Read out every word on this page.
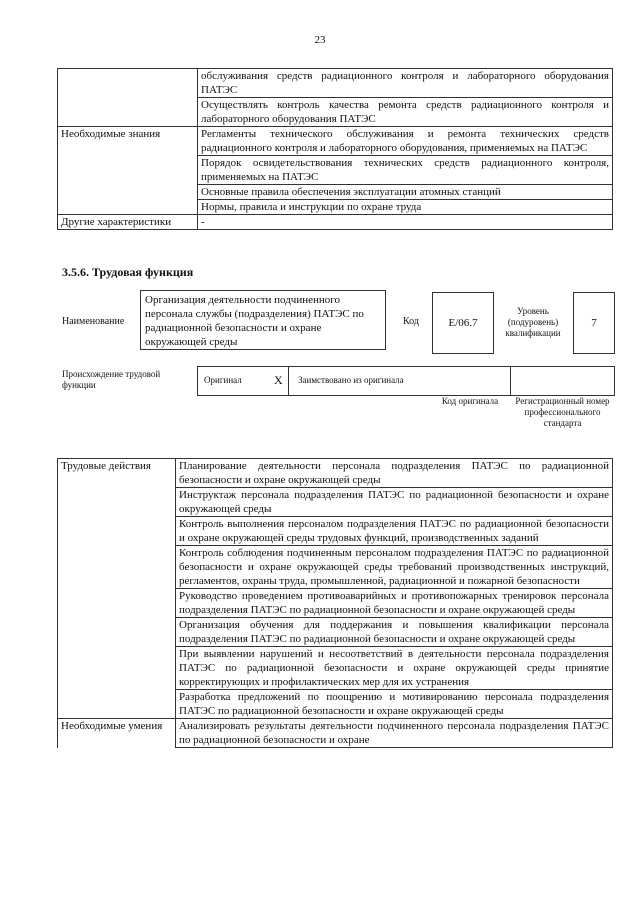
23
	обслуживания средств радиационного контроля и лабораторного оборудования ПАТЭС
	Осуществлять контроль качества ремонта средств радиационного контроля и лабораторного оборудования ПАТЭС
Необходимые знания	Регламенты технического обслуживания и ремонта технических средств радиационного контроля и лабораторного оборудования, применяемых на ПАТЭС
	Порядок освидетельствования технических средств радиационного контроля, применяемых на ПАТЭС
	Основные правила обеспечения эксплуатации атомных станций
	Нормы, правила и инструкции по охране труда
Другие характеристики	-
3.5.6. Трудовая функция
Наименование
Организация деятельности подчиненного персонала службы (подразделения) ПАТЭС по радиационной безопасности и охране окружающей среды
Код	E/06.7
Уровень (подуровень) квалификации
7
Происхождение трудовой функции	Оригинал	X Заимствовано из оригинала
Код оригинала Регистрационный номер профессионального стандарта
Трудовые действия	Планирование деятельности персонала подразделения ПАТЭС по радиационной безопасности и охране окружающей среды
	Инструктаж персонала подразделения ПАТЭС по радиационной безопасности и охране окружающей среды
	Контроль выполнения персоналом подразделения ПАТЭС по радиационной безопасности и охране окружающей среды трудовых функций, производственных заданий
	Контроль соблюдения подчиненным персоналом подразделения ПАТЭС по радиационной безопасности и охране окружающей среды требований производственных инструкций, регламентов, охраны труда, промышленной, радиационной и пожарной безопасности
	Руководство проведением противоаварийных и противопожарных тренировок персонала подразделения ПАТЭС по радиационной безопасности и охране окружающей среды
	Организация обучения для поддержания и повышения квалификации персонала подразделения ПАТЭС по радиационной безопасности и охране окружающей среды
	При выявлении нарушений и несоответствий в деятельности персонала подразделения ПАТЭС по радиационной безопасности и охране окружающей среды принятие корректирующих и профилактических мер для их устранения
	Разработка предложений по поощрению и мотивированию персонала подразделения ПАТЭС по радиационной безопасности и охране окружающей среды
Необходимые умения	Анализировать результаты деятельности подчиненного персонала подразделения ПАТЭС по радиационной безопасности и охране
